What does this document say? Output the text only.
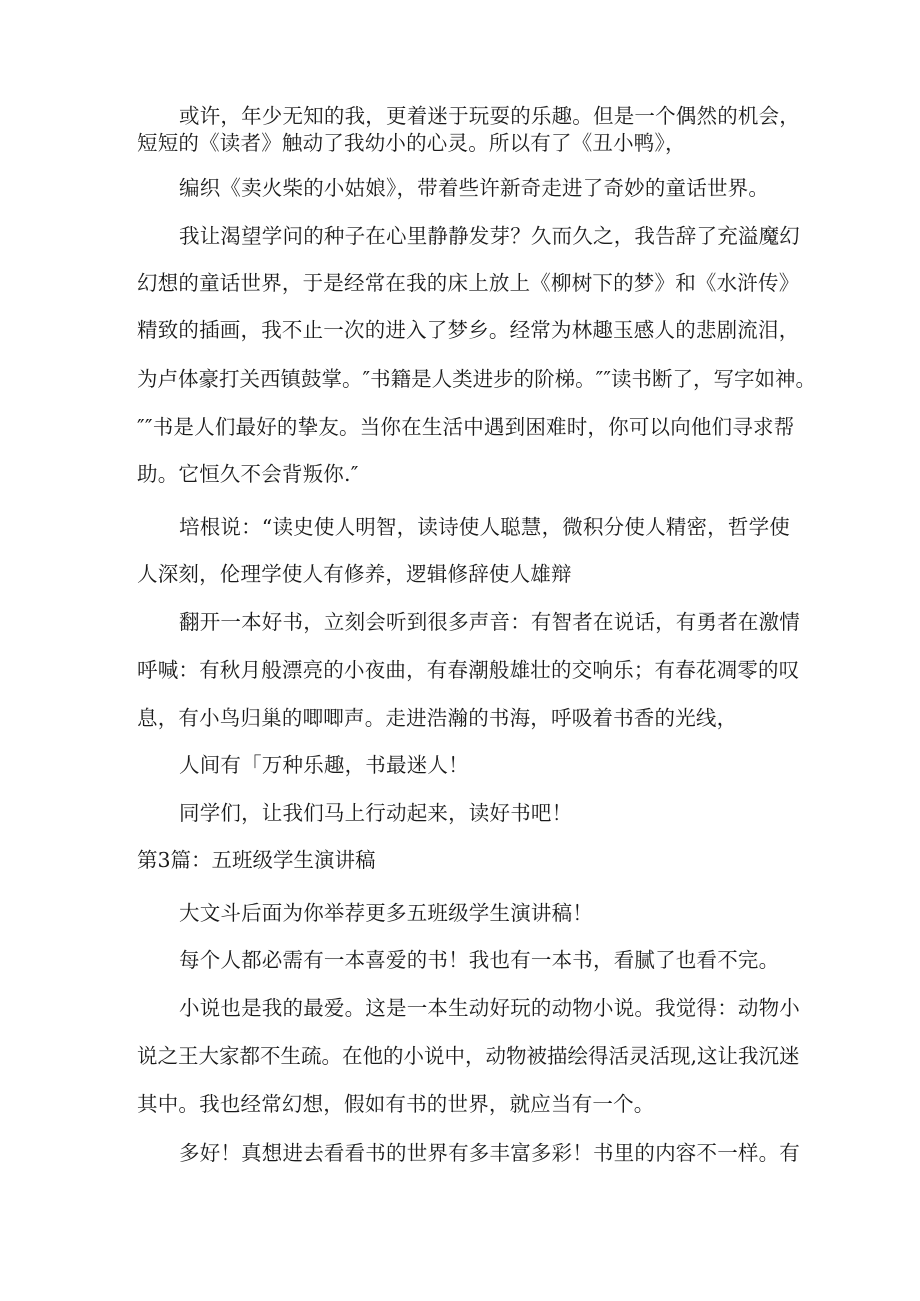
或许，年少无知的我，更着迷于玩耍的乐趣。但是一个偶然的机会，
短短的《读者》触动了我幼小的心灵。所以有了《丑小鸭》，
编织《卖火柴的小姑娘》，带着些许新奇走进了奇妙的童话世界。
我让渴望学问的种子在心里静静发芽？久而久之，我告辞了充溢魔幻
幻想的童话世界，于是经常在我的床上放上《柳树下的梦》和《水浒传》
精致的插画，我不止一次的进入了梦乡。经常为林趣玉感人的悲剧流泪，
为卢体豪打关西镇鼓掌。″书籍是人类进步的阶梯。″″读书断了，写字如神。
″″书是人们最好的挚友。当你在生活中遇到困难时，你可以向他们寻求帮
助。它恒久不会背叛你.″
培根说：“读史使人明智，读诗使人聪慧，微积分使人精密，哲学使
人深刻，伦理学使人有修养，逻辑修辞使人雄辩
翻开一本好书，立刻会听到很多声音：有智者在说话，有勇者在激情
呼喊：有秋月般漂亮的小夜曲，有春潮般雄壮的交响乐；有春花凋零的叹
息，有小鸟归巢的唧唧声。走进浩瀚的书海，呼吸着书香的光线，
人间有「万种乐趣，书最迷人！
同学们，让我们马上行动起来，读好书吧！
第3篇：五班级学生演讲稿
大文斗后面为你举荐更多五班级学生演讲稿！
每个人都必需有一本喜爱的书！我也有一本书，看腻了也看不完。
小说也是我的最爱。这是一本生动好玩的动物小说。我觉得：动物小
说之王大家都不生疏。在他的小说中，动物被描绘得活灵活现,这让我沉迷
其中。我也经常幻想，假如有书的世界，就应当有一个。
多好！真想进去看看书的世界有多丰富多彩！书里的内容不一样。有
